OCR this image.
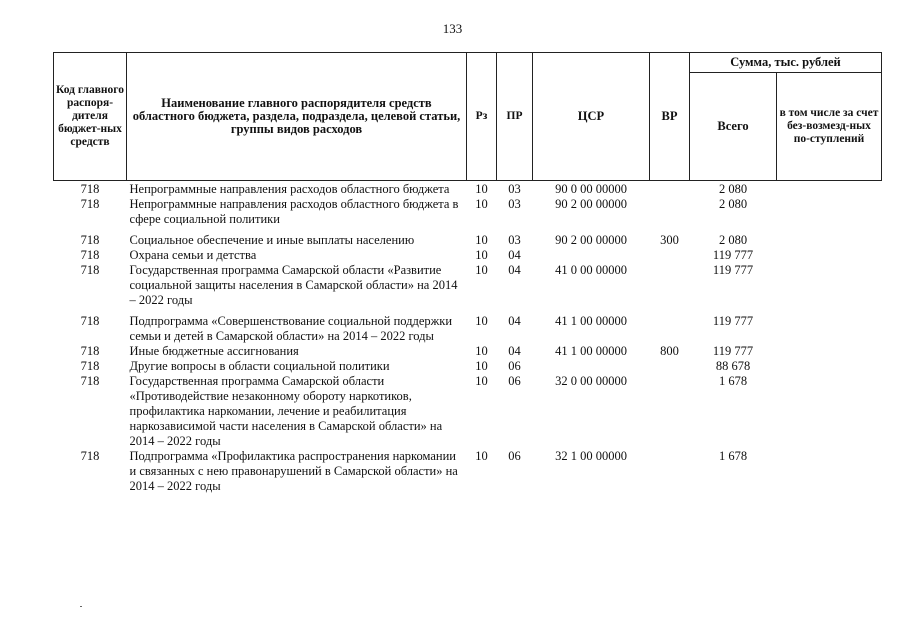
133
Код главного распоря-дителя бюджет-ных средств	Наименование главного распорядителя средств областного бюджета, раздела, подраздела, целевой статьи, группы видов расходов	Рз	ПР	ЦСР	ВР	Сумма, тыс. рублей	
						Всего	в том числе за счет без-возмезд-ных по-ступлений
718	Непрограммные направления расходов областного бюджета	10	03	90 0 00 00000		2 080	
718	Непрограммные направления расходов областного бюджета в сфере социальной политики	10	03	90 2 00 00000		2 080	
718	Социальное обеспечение и иные выплаты населению	10	03	90 2 00 00000	300	2 080	
718	Охрана семьи и детства	10	04			119 777	
718	Государственная программа Самарской области «Развитие социальной защиты населения в Самарской области» на 2014 – 2022 годы	10	04	41 0 00 00000		119 777	
718	Подпрограмма «Совершенствование социальной поддержки семьи и детей в Самарской области» на 2014 – 2022 годы	10	04	41 1 00 00000		119 777	
718	Иные бюджетные ассигнования	10	04	41 1 00 00000	800	119 777	
718	Другие вопросы в области социальной политики	10	06			88 678	
718	Государственная программа Самарской области «Противодействие незаконному обороту наркотиков, профилактика наркомании, лечение и реабилитация наркозависимой части населения в Самарской области» на 2014 – 2022 годы	10	06	32 0 00 00000		1 678	
718	Подпрограмма «Профилактика распространения наркомании и связанных с нею правонарушений в Самарской области» на 2014 – 2022 годы	10	06	32 1 00 00000		1 678	
